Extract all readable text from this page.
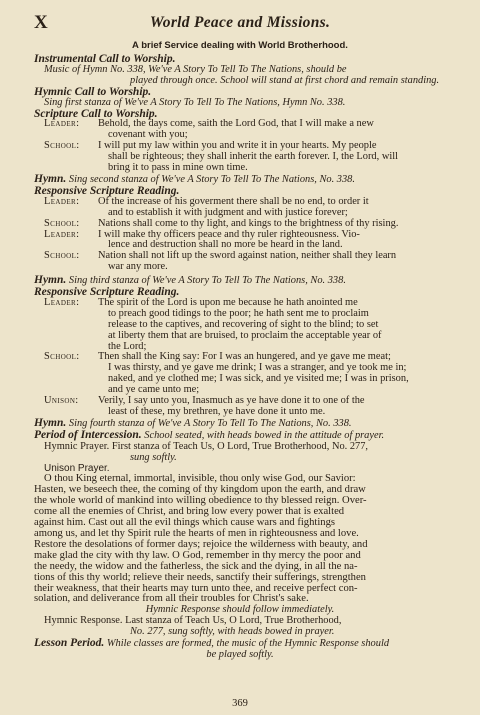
X	World Peace and Missions.
A brief Service dealing with World Brotherhood.
Instrumental Call to Worship.
Music of Hymn No. 338, We've A Story To Tell To The Nations, should be
played through once. School will stand at first chord and remain standing.
Hymnic Call to Worship.
Sing first stanza of We've A Story To Tell To The Nations, Hymn No. 338.
Scripture Call to Worship.
Leader:	Behold, the days come, saith the Lord God, that I will make a new
covenant with you;
School:	I will put my law within you and write it in your hearts. My people
shall be righteous; they shall inherit the earth forever. I, the Lord, will
bring it to pass in mine own time.
Hymn. Sing second stanza of We've A Story To Tell To The Nations, No. 338.
Responsive Scripture Reading.
Leader:	Of the increase of his goverment there shall be no end, to order it
and to establish it with judgment and with justice forever;
School:	Nations shall come to thy light, and kings to the brightness of thy rising.
Leader:	I will make thy officers peace and thy ruler righteousness. Vio-
lence and destruction shall no more be heard in the land.
School:	Nation shall not lift up the sword against nation, neither shall they learn
war any more.
Hymn. Sing third stanza of We've A Story To Tell To The Nations, No. 338.
Responsive Scripture Reading.
Leader:	The spirit of the Lord is upon me because he hath anointed me
to preach good tidings to the poor; he hath sent me to proclaim
release to the captives, and recovering of sight to the blind; to set
at liberty them that are bruised, to proclaim the acceptable year of
the Lord;
School:	Then shall the King say: For I was an hungered, and ye gave me meat;
I was thirsty, and ye gave me drink; I was a stranger, and ye took me in;
naked, and ye clothed me; I was sick, and ye visited me; I was in prison,
and ye came unto me;
Unison:	Verily, I say unto you, Inasmuch as ye have done it to one of the
least of these, my brethren, ye have done it unto me.
Hymn. Sing fourth stanza of We've A Story To Tell To The Nations, No. 338.
Period of Intercession. School seated, with heads bowed in the attitude of prayer.
Hymnic Prayer. First stanza of Teach Us, O Lord, True Brotherhood, No. 277,
sung softly.
Unison Prayer.
O thou King eternal, immortal, invisible, thou only wise God, our Savior:
Hasten, we beseech thee, the coming of thy kingdom upon the earth, and draw
the whole world of mankind into willing obedience to thy blessed reign. Over-
come all the enemies of Christ, and bring low every power that is exalted
against him. Cast out all the evil things which cause wars and fightings
among us, and let thy Spirit rule the hearts of men in righteousness and love.
Restore the desolations of former days; rejoice the wilderness with beauty, and
make glad the city with thy law. O God, remember in thy mercy the poor and
the needy, the widow and the fatherless, the sick and the dying, in all the na-
tions of this thy world; relieve their needs, sanctify their sufferings, strengthen
their weakness, that their hearts may turn unto thee, and receive perfect con-
solation, and deliverance from all their troubles for Christ's sake.
Hymnic Response should follow immediately.
Hymnic Response. Last stanza of Teach Us, O Lord, True Brotherhood,
No. 277, sung softly, with heads bowed in prayer.
Lesson Period. While classes are formed, the music of the Hymnic Response should
be played softly.
369
